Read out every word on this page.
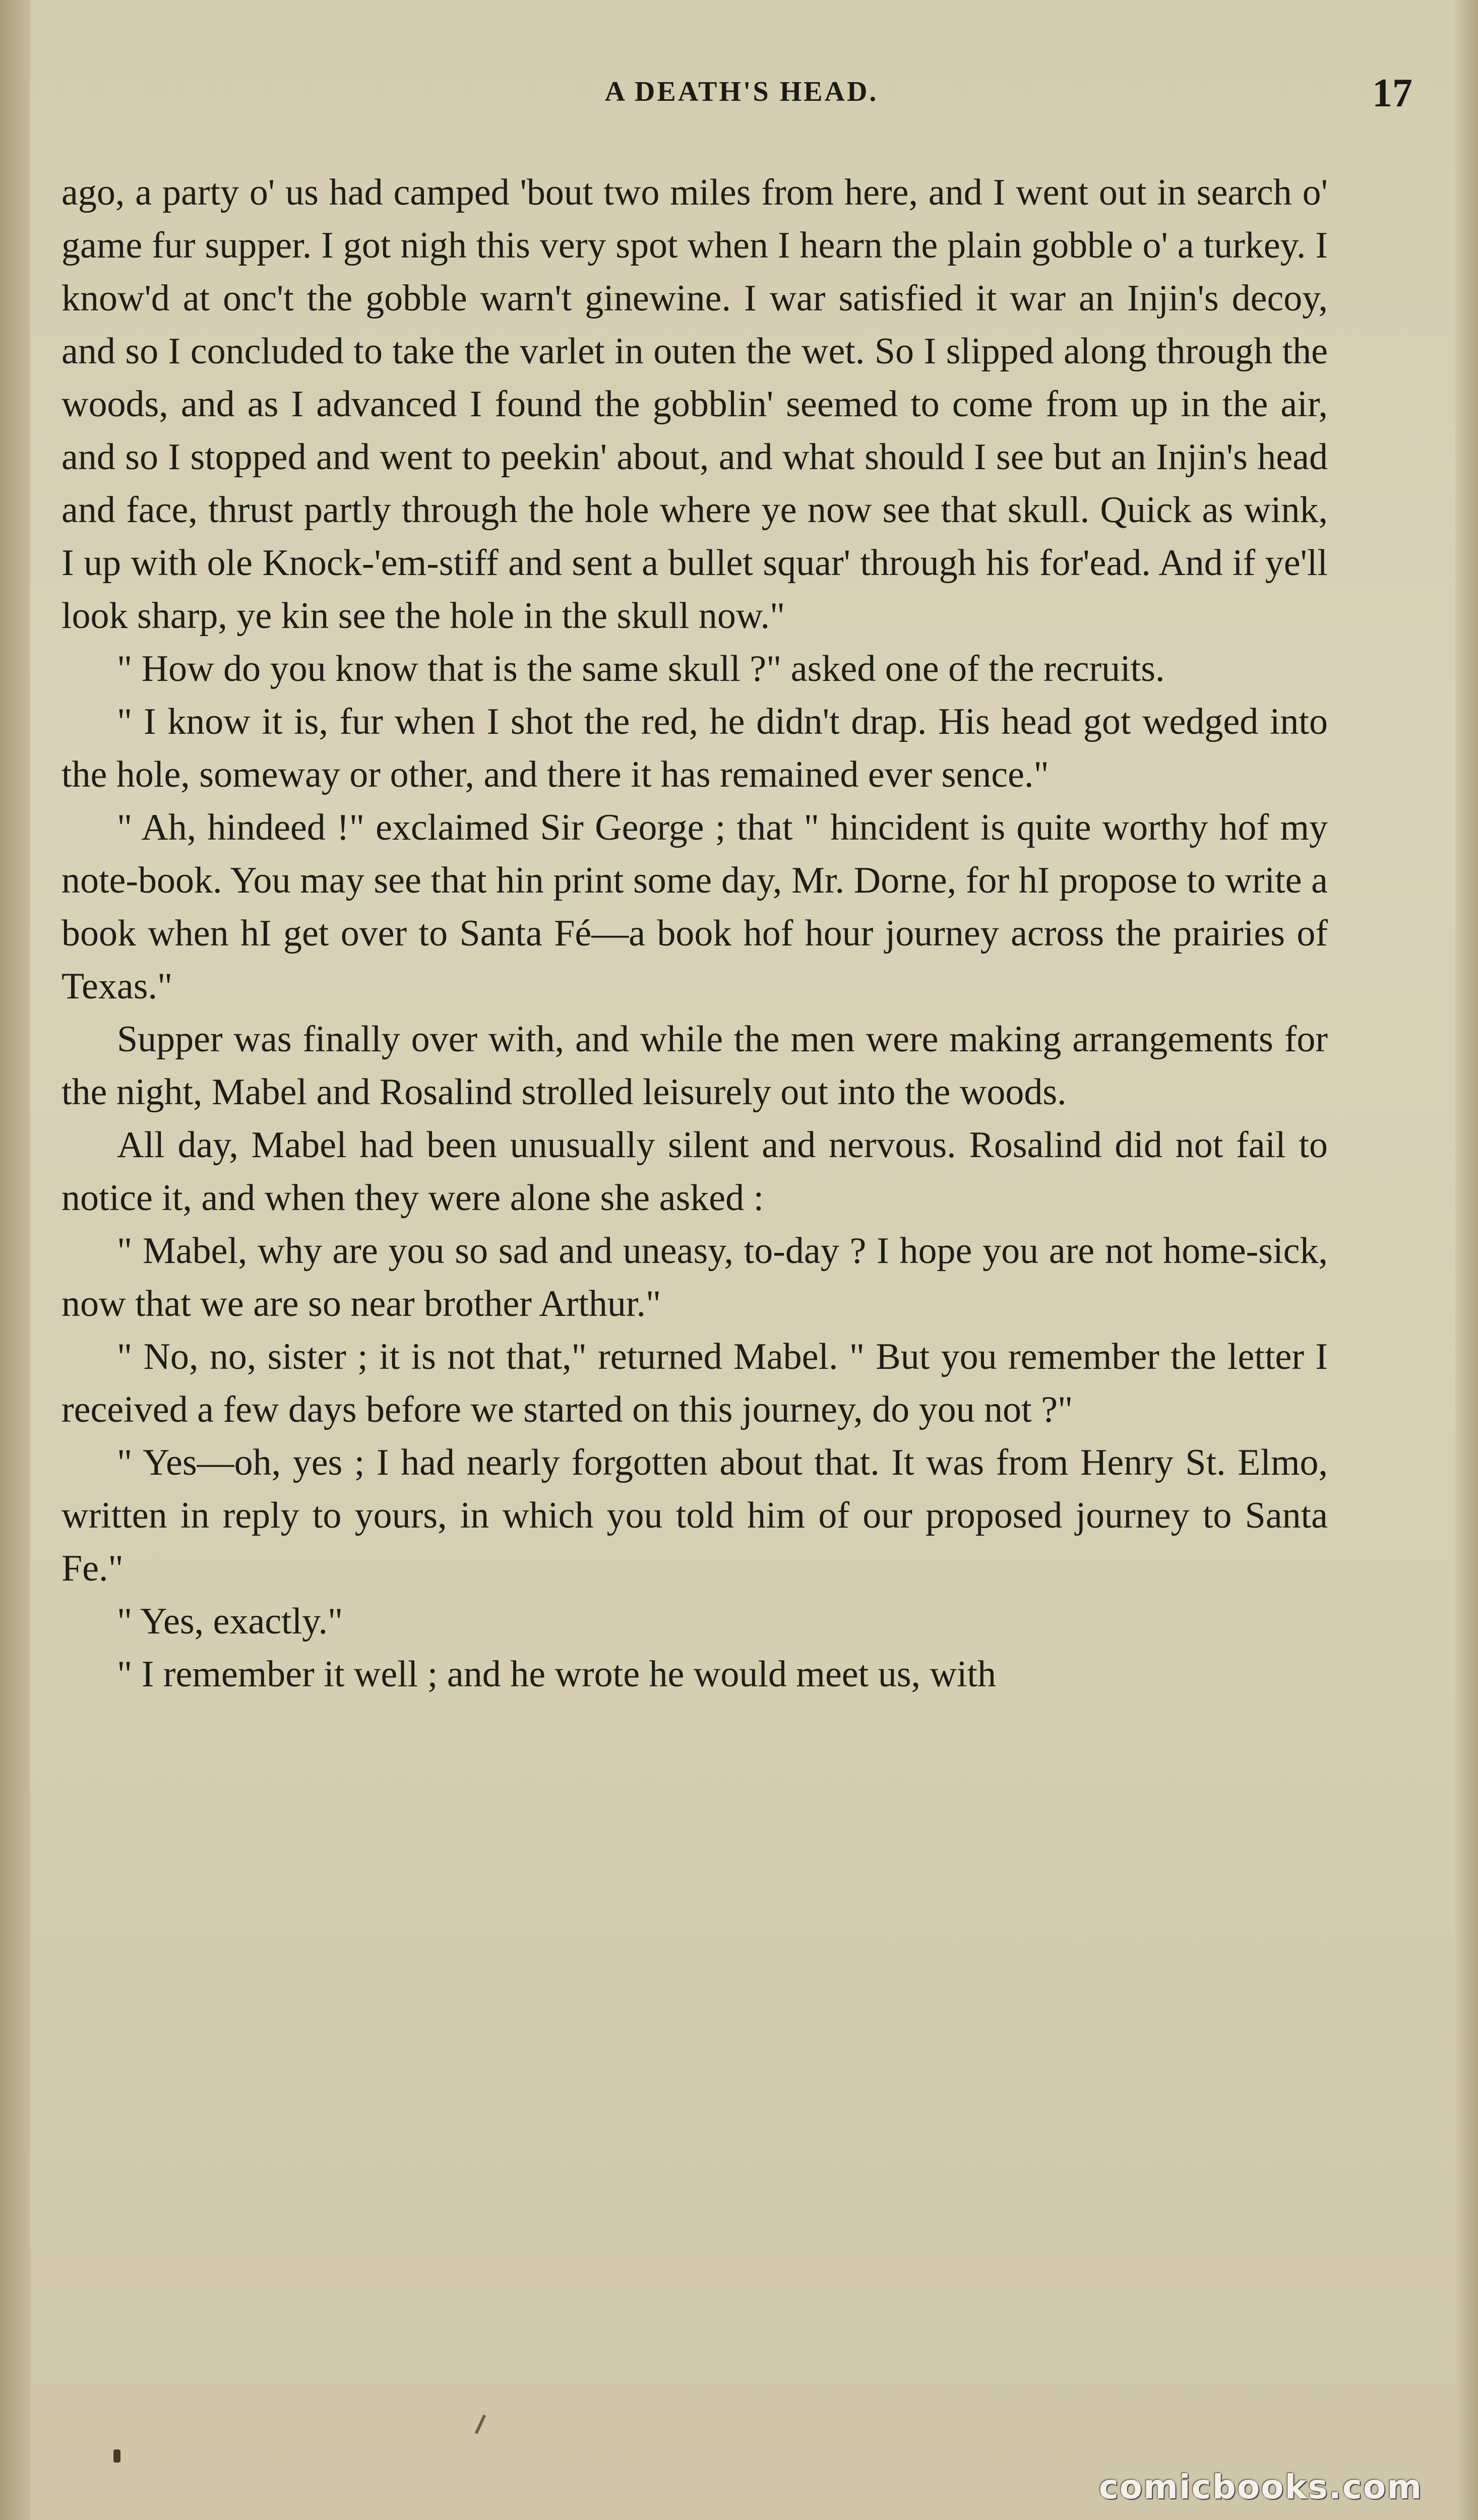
A DEATH'S HEAD.	17

ago, a party o' us had camped 'bout two miles from here, and I went out in search o' game fur supper. I got nigh this very spot when I hearn the plain gobble o' a turkey. I know'd at onc't the gobble warn't ginewine. I war satisfied it war an Injin's decoy, and so I concluded to take the varlet in outen the wet. So I slipped along through the woods, and as I advanced I found the gobblin' seemed to come from up in the air, and so I stopped and went to peekin' about, and what should I see but an Injin's head and face, thrust partly through the hole where ye now see that skull. Quick as wink, I up with ole Knock-'em-stiff and sent a bullet squar' through his for'ead. And if ye'll look sharp, ye kin see the hole in the skull now."

" How do you know that is the same skull ?" asked one of the recruits.

" I know it is, fur when I shot the red, he didn't drap. His head got wedged into the hole, someway or other, and there it has remained ever sence."

" Ah, hindeed !" exclaimed Sir George ; that " hincident is quite worthy hof my note-book. You may see that hin print some day, Mr. Dorne, for hI propose to write a book when hI get over to Santa Fé—a book hof hour journey across the prairies of Texas."

Supper was finally over with, and while the men were making arrangements for the night, Mabel and Rosalind strolled leisurely out into the woods.

All day, Mabel had been unusually silent and nervous. Rosalind did not fail to notice it, and when they were alone she asked :

" Mabel, why are you so sad and uneasy, to-day ? I hope you are not home-sick, now that we are so near brother Arthur."

" No, no, sister ; it is not that," returned Mabel. " But you remember the letter I received a few days before we started on this journey, do you not ?"

" Yes—oh, yes ; I had nearly forgotten about that. It was from Henry St. Elmo, written in reply to yours, in which you told him of our proposed journey to Santa Fe."

" Yes, exactly."

" I remember it well ; and he wrote he would meet us, with

comicbooks.com
